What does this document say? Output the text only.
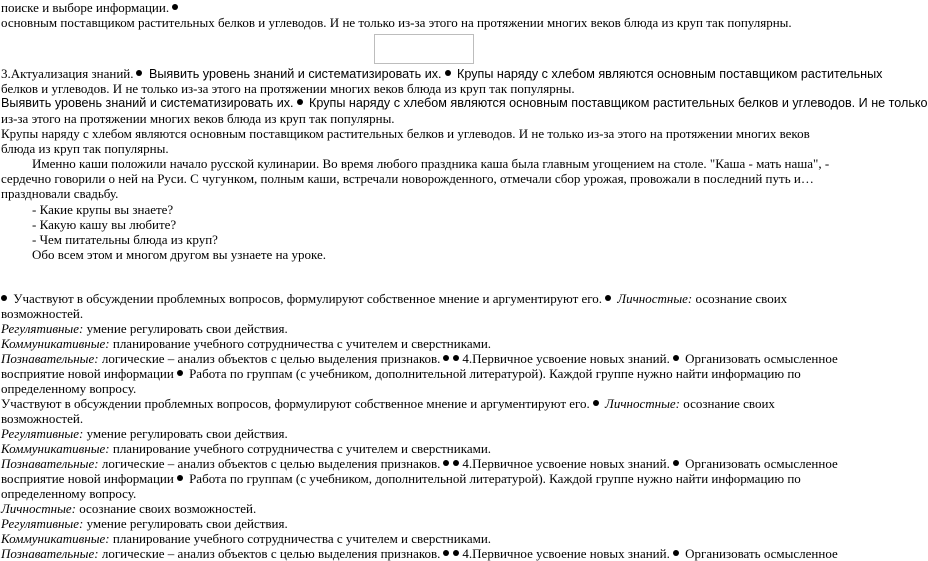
поиске и выборе информации.
основным поставщиком растительных белков и углеводов. И не только из-за этого на протяжении многих веков блюда из круп так популярны.
3.Актуализация знаний. Выявить уровень знаний и систематизировать их. Крупы наряду с хлебом являются основным поставщиком растительных
белков и углеводов. И не только из-за этого на протяжении многих веков блюда из круп так популярны.
Выявить уровень знаний и систематизировать их. Крупы наряду с хлебом являются основным поставщиком растительных белков и углеводов. И не только
из-за этого на протяжении многих веков блюда из круп так популярны.
Крупы наряду с хлебом являются основным поставщиком растительных белков и углеводов. И не только из-за этого на протяжении многих веков
блюда из круп так популярны.
Именно каши положили начало русской кулинарии. Во время любого праздника каша была главным угощением на столе. "Каша - мать наша", -
сердечно говорили о ней на Руси. С чугунком, полным каши, встречали новорожденного, отмечали сбор урожая, провожали в последний путь и…
праздновали свадьбу.
- Какие крупы вы знаете?
- Какую кашу вы любите?
- Чем питательны блюда из круп?
Обо всем этом и многом другом вы узнаете на уроке.
Участвуют в обсуждении проблемных вопросов, формулируют собственное мнение и аргументируют его. Личностные: осознание своих
возможностей.
Регулятивные: умение регулировать свои действия.
Коммуникативные: планирование учебного сотрудничества с учителем и сверстниками.
Познавательные: логические – анализ объектов с целью выделения признаков. 4.Первичное усвоение новых знаний. Организовать осмысленное
восприятие новой информации Работа по группам (с учебником, дополнительной литературой). Каждой группе нужно найти информацию по
определенному вопросу.
Участвуют в обсуждении проблемных вопросов, формулируют собственное мнение и аргументируют его. Личностные: осознание своих
возможностей.
Регулятивные: умение регулировать свои действия.
Коммуникативные: планирование учебного сотрудничества с учителем и сверстниками.
Познавательные: логические – анализ объектов с целью выделения признаков. 4.Первичное усвоение новых знаний. Организовать осмысленное
восприятие новой информации Работа по группам (с учебником, дополнительной литературой). Каждой группе нужно найти информацию по
определенному вопросу.
Личностные: осознание своих возможностей.
Регулятивные: умение регулировать свои действия.
Коммуникативные: планирование учебного сотрудничества с учителем и сверстниками.
Познавательные: логические – анализ объектов с целью выделения признаков. 4.Первичное усвоение новых знаний. Организовать осмысленное
